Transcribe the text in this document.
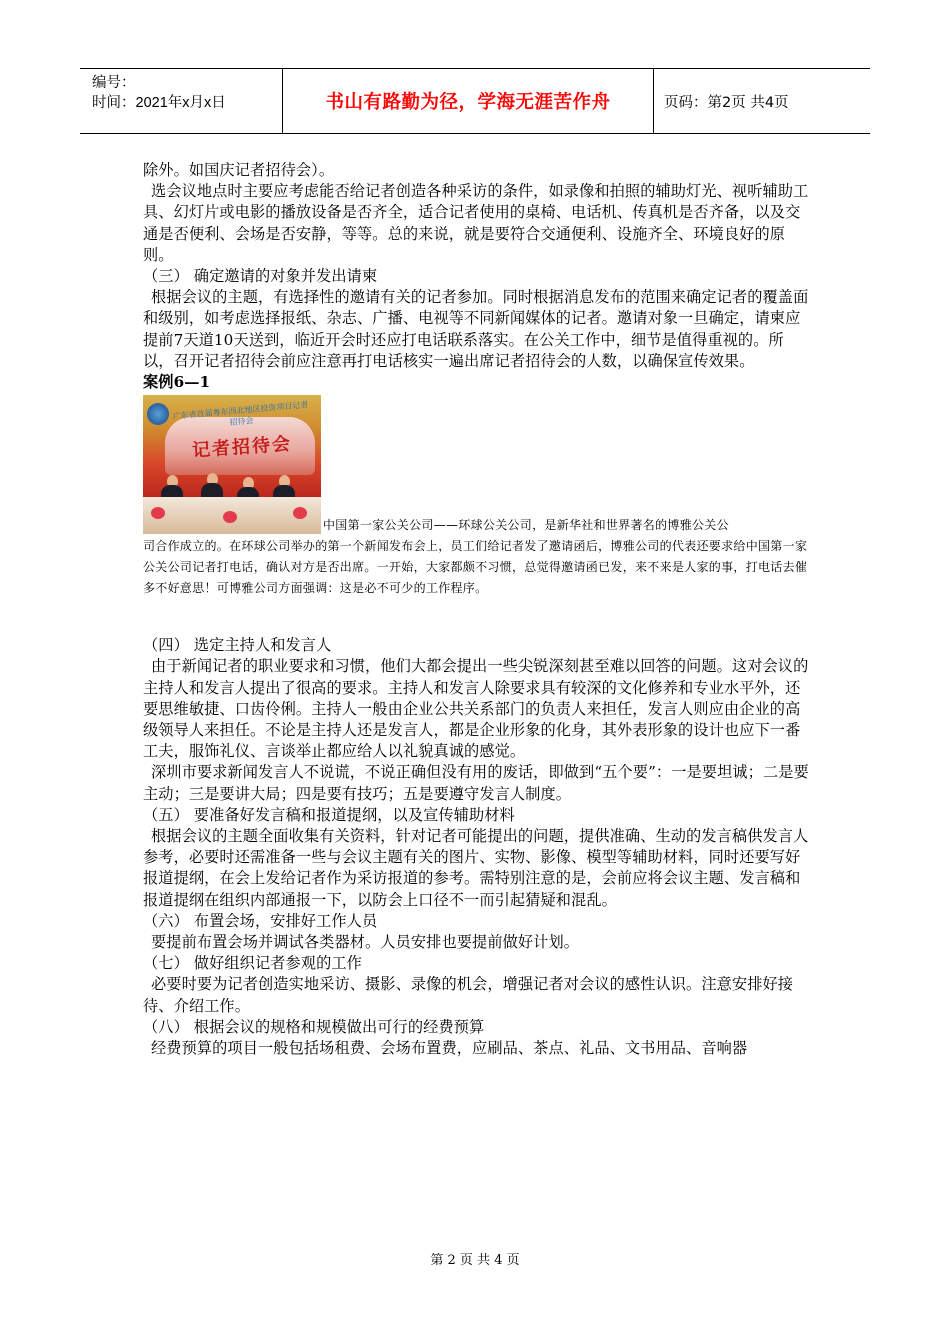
编号：
时间：2021年x月x日	书山有路勤为径，学海无涯苦作舟	页码：第2页 共4页

除外。如国庆记者招待会）。

选会议地点时主要应考虑能否给记者创造各种采访的条件，如录像和拍照的辅助灯光、视听辅助工具、幻灯片或电影的播放设备是否齐全，适合记者使用的桌椅、电话机、传真机是否齐备，以及交通是否便利、会场是否安静，等等。总的来说，就是要符合交通便利、设施齐全、环境良好的原则。

（三） 确定邀请的对象并发出请柬

根据会议的主题，有选择性的邀请有关的记者参加。同时根据消息发布的范围来确定记者的覆盖面和级别，如考虑选择报纸、杂志、广播、电视等不同新闻媒体的记者。邀请对象一旦确定，请柬应提前7天道10天送到，临近开会时还应打电话联系落实。在公关工作中，细节是值得重视的。所以，召开记者招待会前应注意再打电话核实一遍出席记者招待会的人数，以确保宣传效果。

案例6—1

广东省首届粤东西北地区投资项目记者招待会
记者招待会
中国第一家公关公司——环球公关公司，是新华社和世界著名的博雅公关公
司合作成立的。在环球公司举办的第一个新闻发布会上，员工们给记者发了邀请函后，博雅公司的代表还要求给中国第一家公关公司记者打电话，确认对方是否出席。一开始，大家都颇不习惯，总觉得邀请函已发，来不来是人家的事，打电话去催多不好意思！可博雅公司方面强调：这是必不可少的工作程序。

（四） 选定主持人和发言人

由于新闻记者的职业要求和习惯，他们大都会提出一些尖锐深刻甚至难以回答的问题。这对会议的主持人和发言人提出了很高的要求。主持人和发言人除要求具有较深的文化修养和专业水平外，还要思维敏捷、口齿伶俐。主持人一般由企业公共关系部门的负责人来担任，发言人则应由企业的高级领导人来担任。不论是主持人还是发言人，都是企业形象的化身，其外表形象的设计也应下一番工夫，服饰礼仪、言谈举止都应给人以礼貌真诚的感觉。

深圳市要求新闻发言人不说谎，不说正确但没有用的废话，即做到“五个要”：一是要坦诚；二是要主动；三是要讲大局；四是要有技巧；五是要遵守发言人制度。

（五） 要准备好发言稿和报道提纲，以及宣传辅助材料

根据会议的主题全面收集有关资料，针对记者可能提出的问题，提供准确、生动的发言稿供发言人参考，必要时还需准备一些与会议主题有关的图片、实物、影像、模型等辅助材料，同时还要写好报道提纲，在会上发给记者作为采访报道的参考。需特别注意的是，会前应将会议主题、发言稿和报道提纲在组织内部通报一下，以防会上口径不一而引起猜疑和混乱。

（六） 布置会场，安排好工作人员

要提前布置会场并调试各类器材。人员安排也要提前做好计划。

（七） 做好组织记者参观的工作

必要时要为记者创造实地采访、摄影、录像的机会，增强记者对会议的感性认识。注意安排好接待、介绍工作。

（八） 根据会议的规格和规模做出可行的经费预算

经费预算的项目一般包括场租费、会场布置费，应刷品、茶点、礼品、文书用品、音响器

第 2 页 共 4 页
